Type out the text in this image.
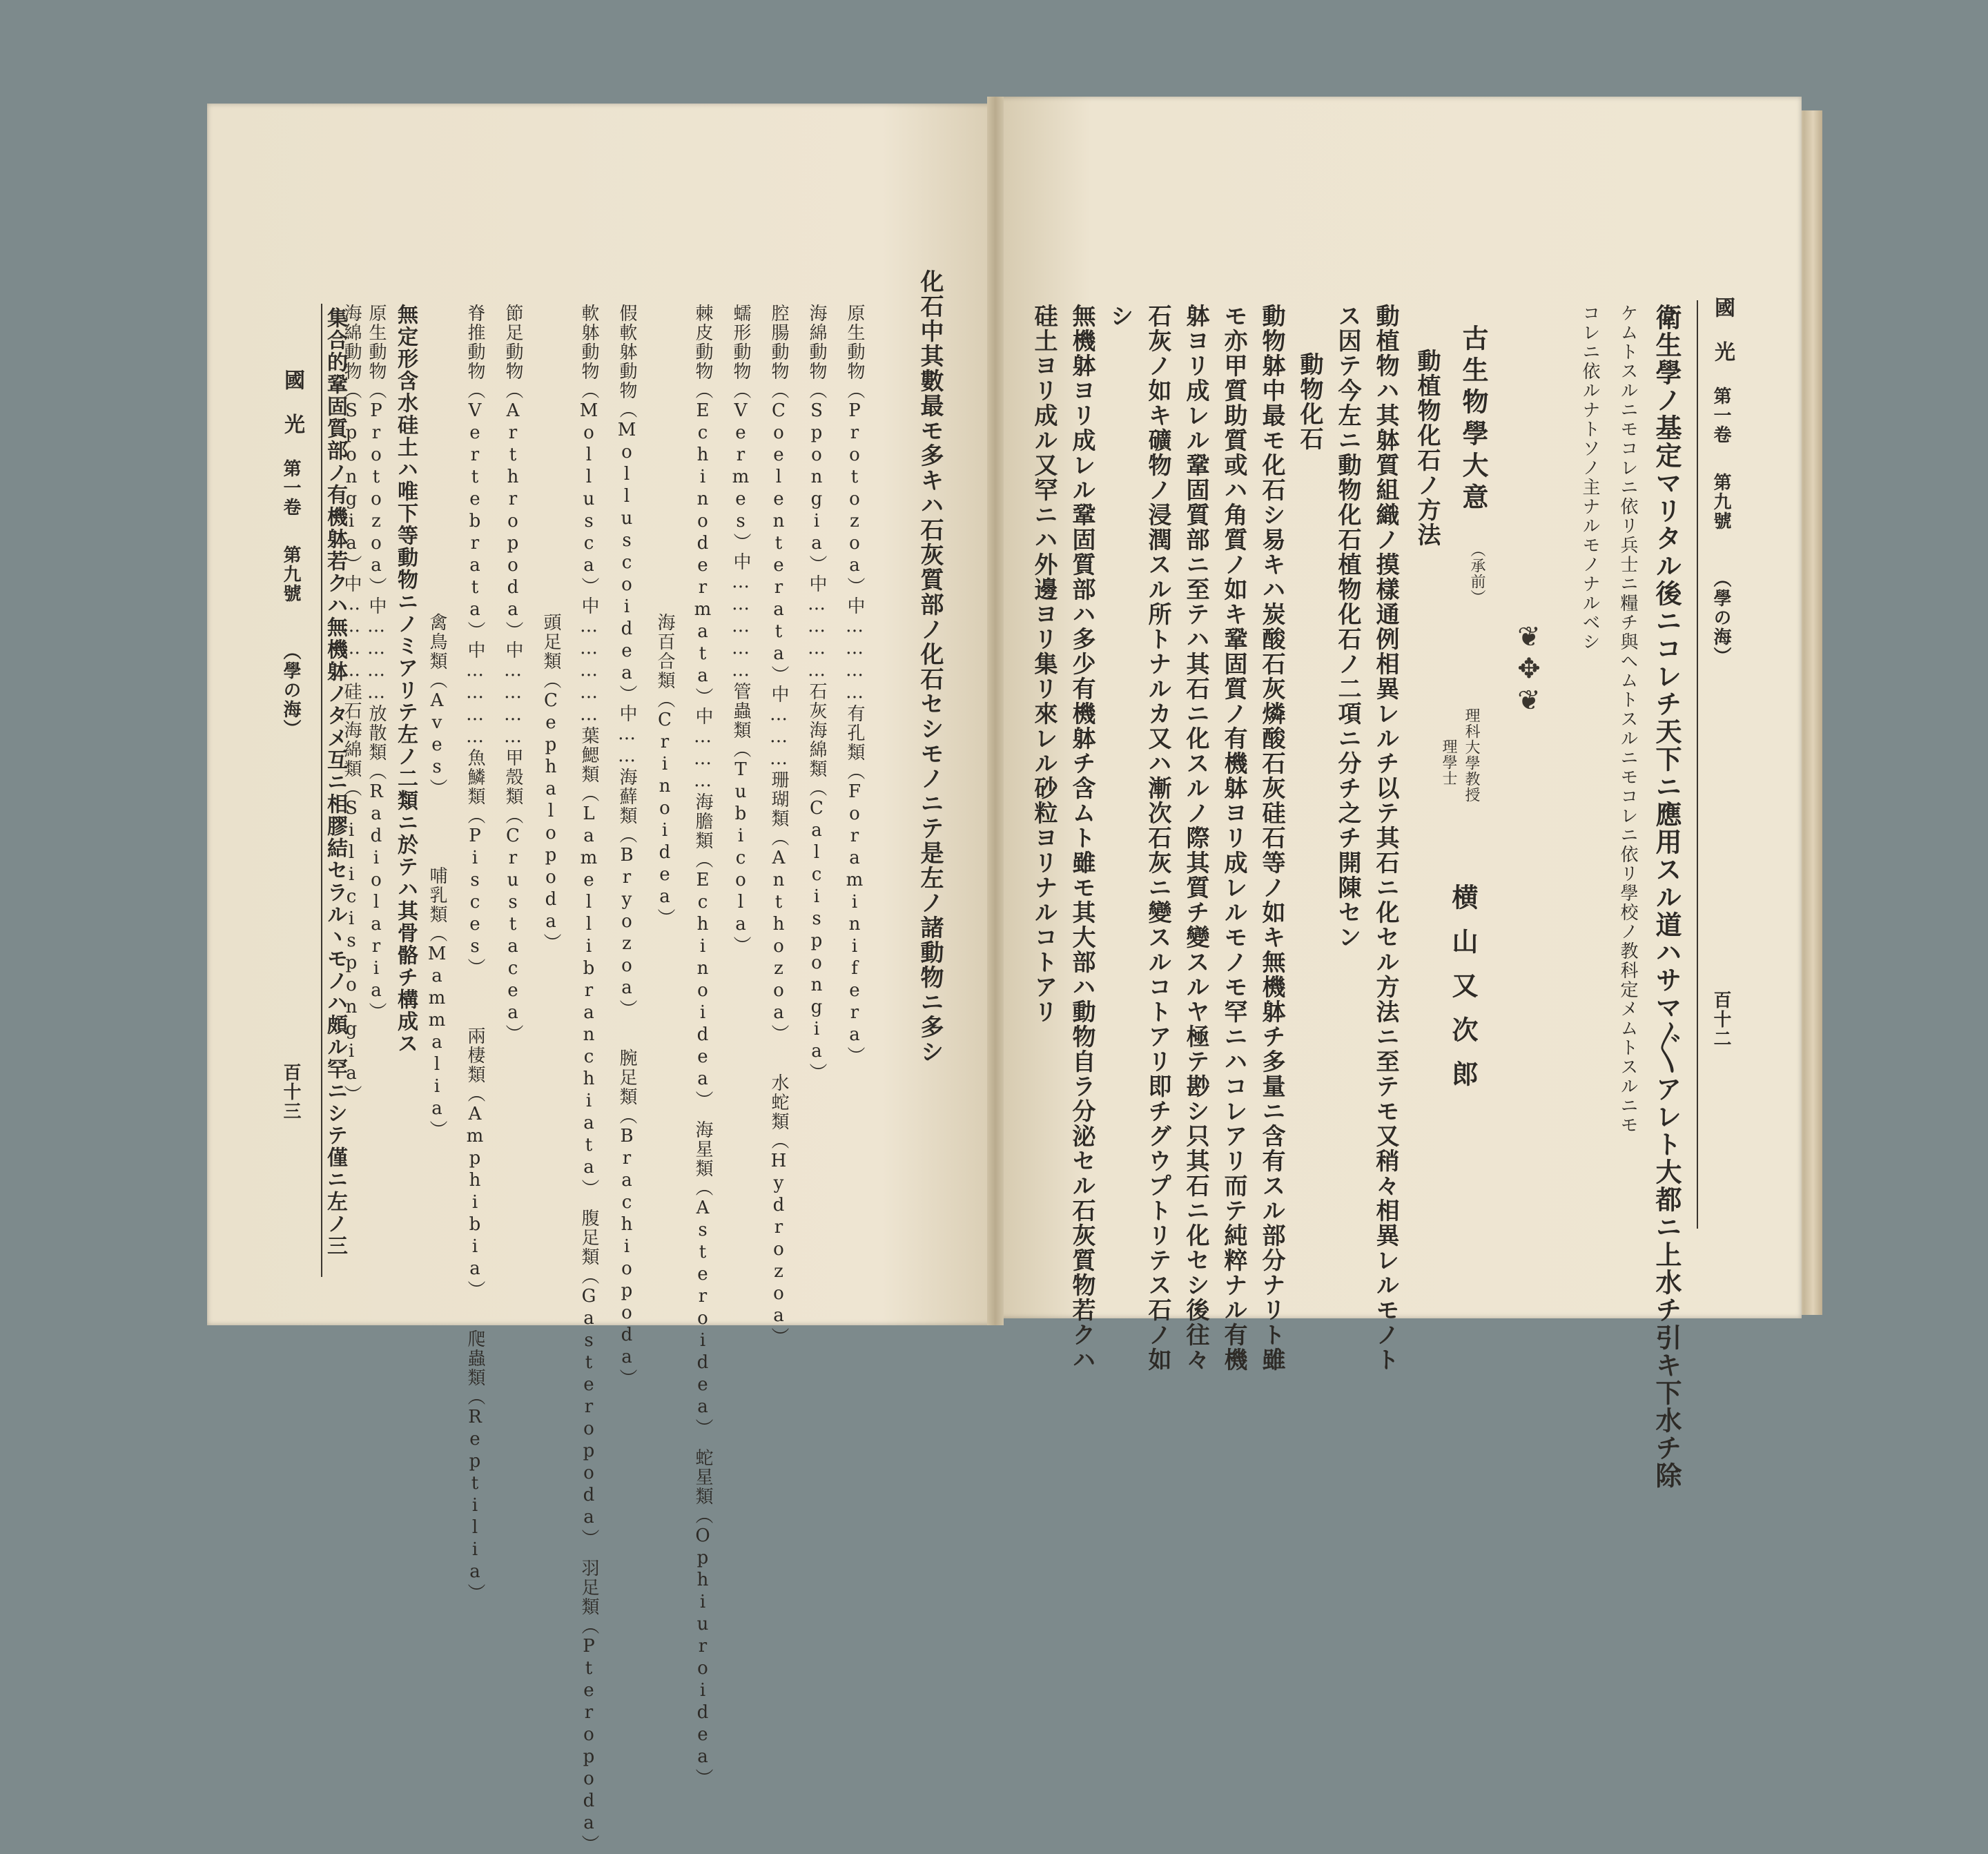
國　光
第一卷
第九號
（學の海）
百十二
衛生學ノ基定マリタル後ニコレチ天下ニ應用スル道ハサマ〴〵アレト大都ニ上水チ引キ下水チ除
ケムトスルニモコレニ依リ兵士ニ糧チ與ヘムトスルニモコレニ依リ學校ノ教科定メムトスルニモ
コレニ依ルナトソノ主ナルモノナルベシ
古生物學大意
（承前）
❦✥❦
理科大學教授
理學士
横山又次郎
動植物化石ノ方法
動植物ハ其躰質組織ノ摸樣通例相異レルチ以テ其石ニ化セル方法ニ至テモ又稍々相異レルモノト
ス因テ今左ニ動物化石植物化石ノ二項ニ分チ之チ開陳セン
動物化石
動物躰中最モ化石シ易キハ炭酸石灰燐酸石灰硅石等ノ如キ無機躰チ多量ニ含有スル部分ナリト雖
モ亦甲質助質或ハ角質ノ如キ鞏固質ノ有機躰ヨリ成レルモノモ罕ニハコレアリ而テ純粹ナル有機
躰ヨリ成レル鞏固質部ニ至テハ其石ニ化スルノ際其質チ變スルヤ極テ尠シ只其石ニ化セシ後往々
石灰ノ如キ礦物ノ浸潤スル所トナルカ又ハ漸次石灰ニ變スルコトアリ即チグウプトリテス石ノ如
シ
無機躰ヨリ成レル鞏固質部ハ多少有機躰チ含ムト雖モ其大部ハ動物自ラ分泌セル石灰質物若クハ
硅土ヨリ成ル又罕ニハ外邊ヨリ集リ來レル砂粒ヨリナルコトアリ
國　光
第一卷
第九號
（學の海）
百十三
化石中其數最モ多キハ石灰質部ノ化石セシモノニテ是左ノ諸動物ニ多シ
原生動物（Protozoa）中…………有孔類（Foraminifera）
海綿動物（Spongia）中…………石灰海綿類（Calcispongia）
腔腸動物（Coelenterata）中………珊瑚類（Anthozoa）　　水蛇類（Hydrozoa）
蠕形動物（Vermes）中……………管蟲類（Tubicola）
棘皮動物（Echinodermata）中………海膽類（Echinoidea）　海星類（Asteroidea）　蛇星類（Ophiuroidea）
　　　　　　　　　　　　　　　　海百合類（Crinoidea）
假軟躰動物（Molluscoidea）中……海蘚類（Bryozoa）　　腕足類（Brachiopoda）
軟躰動物（Mollusca）中……………葉鰓類（Lamellibranchiata）　腹足類（Gasteropoda）　羽足類（Pteropoda）
　　　　　　　　　　　　　　　　頭足類（Cephalopoda）
節足動物（Arthropoda）中…………甲殼類（Crustacea）
脊推動物（Vertebrata）中…………魚鱗類（Pisces）　　　兩棲類（Amphibia）　　爬蟲類（Reptilia）
　　　　　　　　　　　　　　　　禽鳥類（Aves）　　　　哺乳類（Mammalia）
無定形含水硅土ハ唯下等動物ニノミアリテ左ノ二類ニ於テハ其骨骼チ構成ス
原生動物（Protozoa）中…………放散類（Radiolaria）
海綿動物（Spongia）中…………硅石海綿類（Silicispongia）
集合的鞏固質部ノ有機躰若クハ無機躰ノタメ互ニ相膠結セラルヽモノハ頗ル罕ニシテ僅ニ左ノ三
